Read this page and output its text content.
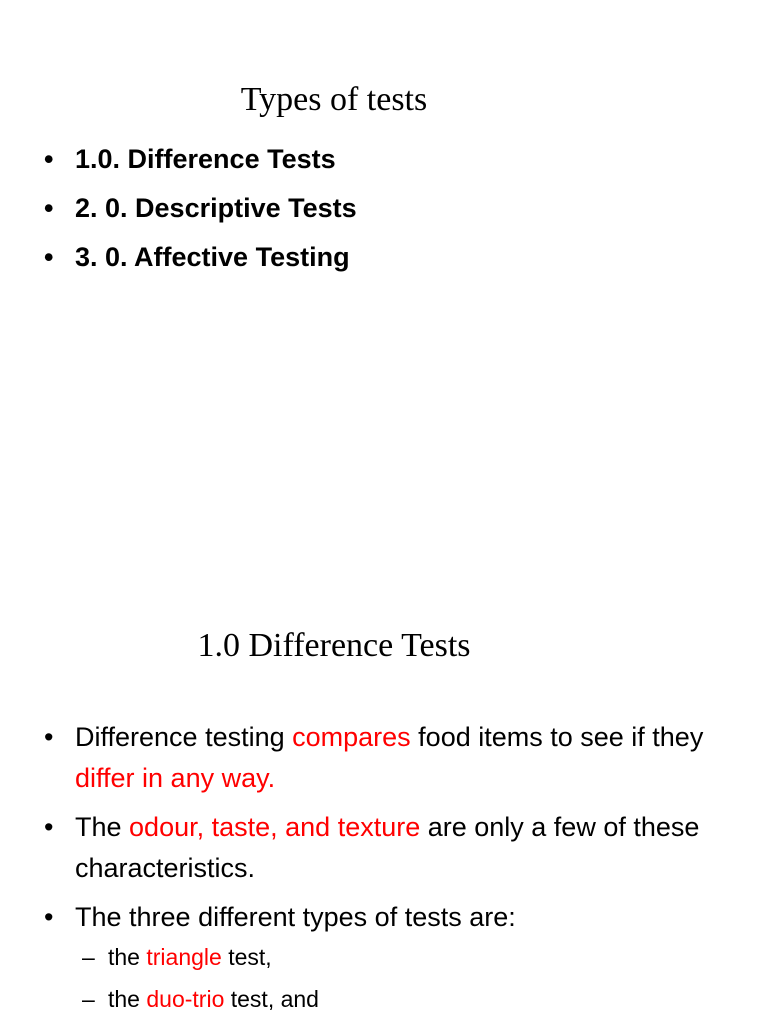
Types of tests
• 1.0. Difference Tests
• 2. 0. Descriptive Tests
• 3. 0. Affective Testing
1.0 Difference Tests
• Difference testing compares food items to see if they differ in any way.
• The odour, taste, and texture are only a few of these characteristics.
• The three different types of tests are:
– the triangle test,
– the duo-trio test, and
